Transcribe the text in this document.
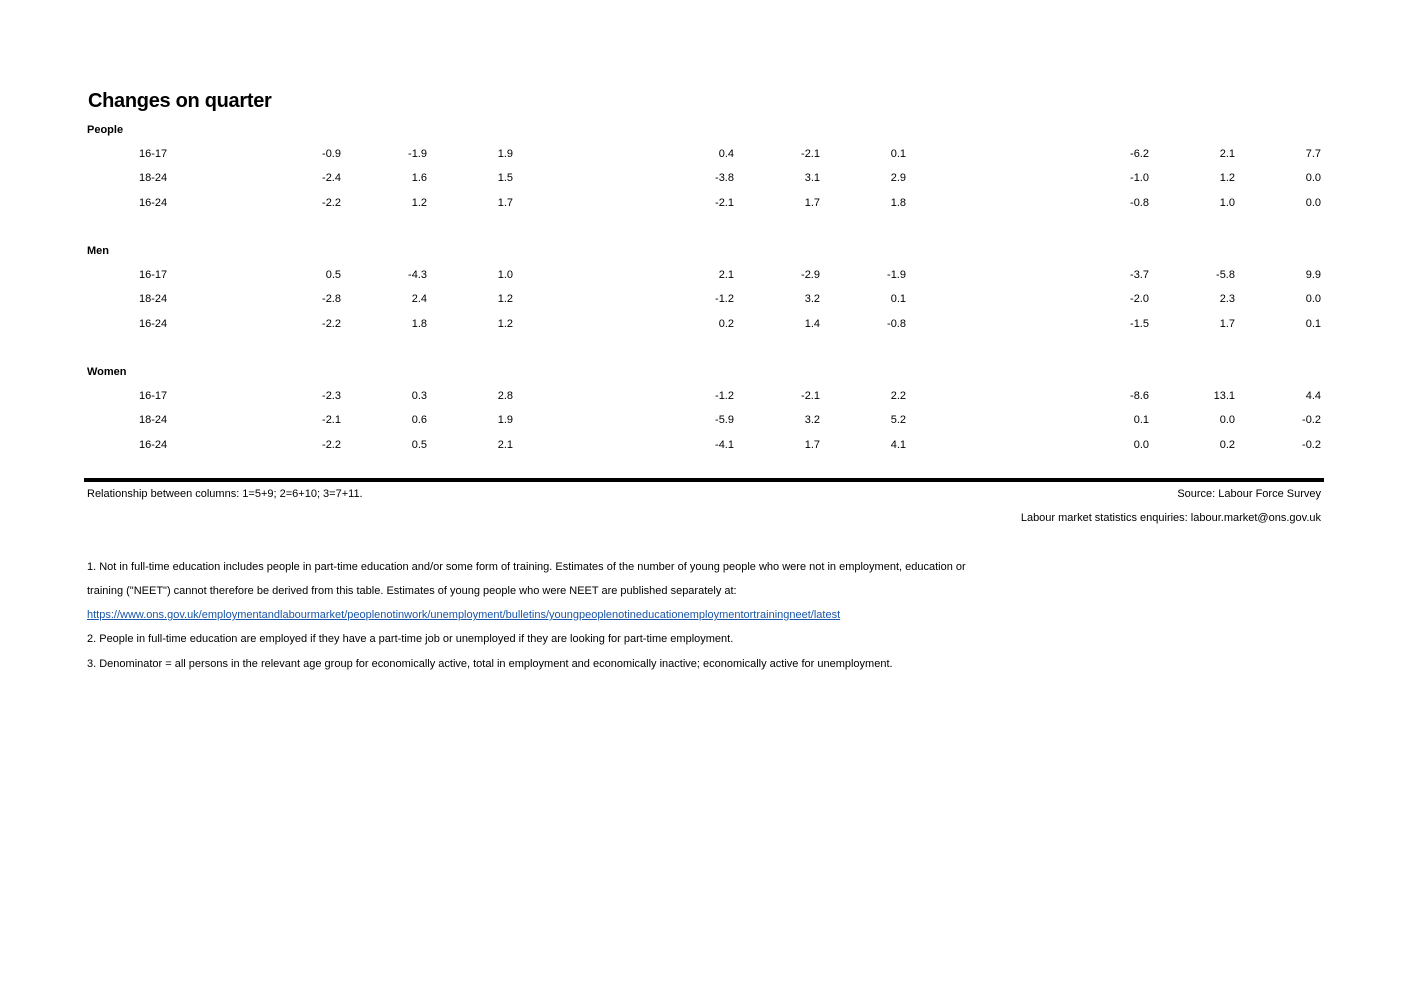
Changes on quarter
People
16-17	-0.9	-1.9	1.9	0.4	-2.1	0.1	-6.2	2.1	7.7
18-24	-2.4	1.6	1.5	-3.8	3.1	2.9	-1.0	1.2	0.0
16-24	-2.2	1.2	1.7	-2.1	1.7	1.8	-0.8	1.0	0.0
Men
16-17	0.5	-4.3	1.0	2.1	-2.9	-1.9	-3.7	-5.8	9.9
18-24	-2.8	2.4	1.2	-1.2	3.2	0.1	-2.0	2.3	0.0
16-24	-2.2	1.8	1.2	0.2	1.4	-0.8	-1.5	1.7	0.1
Women
16-17	-2.3	0.3	2.8	-1.2	-2.1	2.2	-8.6	13.1	4.4
18-24	-2.1	0.6	1.9	-5.9	3.2	5.2	0.1	0.0	-0.2
16-24	-2.2	0.5	2.1	-4.1	1.7	4.1	0.0	0.2	-0.2
Relationship between columns: 1=5+9; 2=6+10; 3=7+11.	Source: Labour Force Survey
Labour market statistics enquiries: labour.market@ons.gov.uk
1. Not in full-time education includes people in part-time education and/or some form of training. Estimates of the number of young people who were not in employment, education or
training ("NEET") cannot therefore be derived from this table. Estimates of young people who were NEET are published separately at:
https://www.ons.gov.uk/employmentandlabourmarket/peoplenotinwork/unemployment/bulletins/youngpeoplenotineducationemploymentortrainingneet/latest
2. People in full-time education are employed if they have a part-time job or unemployed if they are looking for part-time employment.
3. Denominator = all persons in the relevant age group for economically active, total in employment and economically inactive; economically active for unemployment.
